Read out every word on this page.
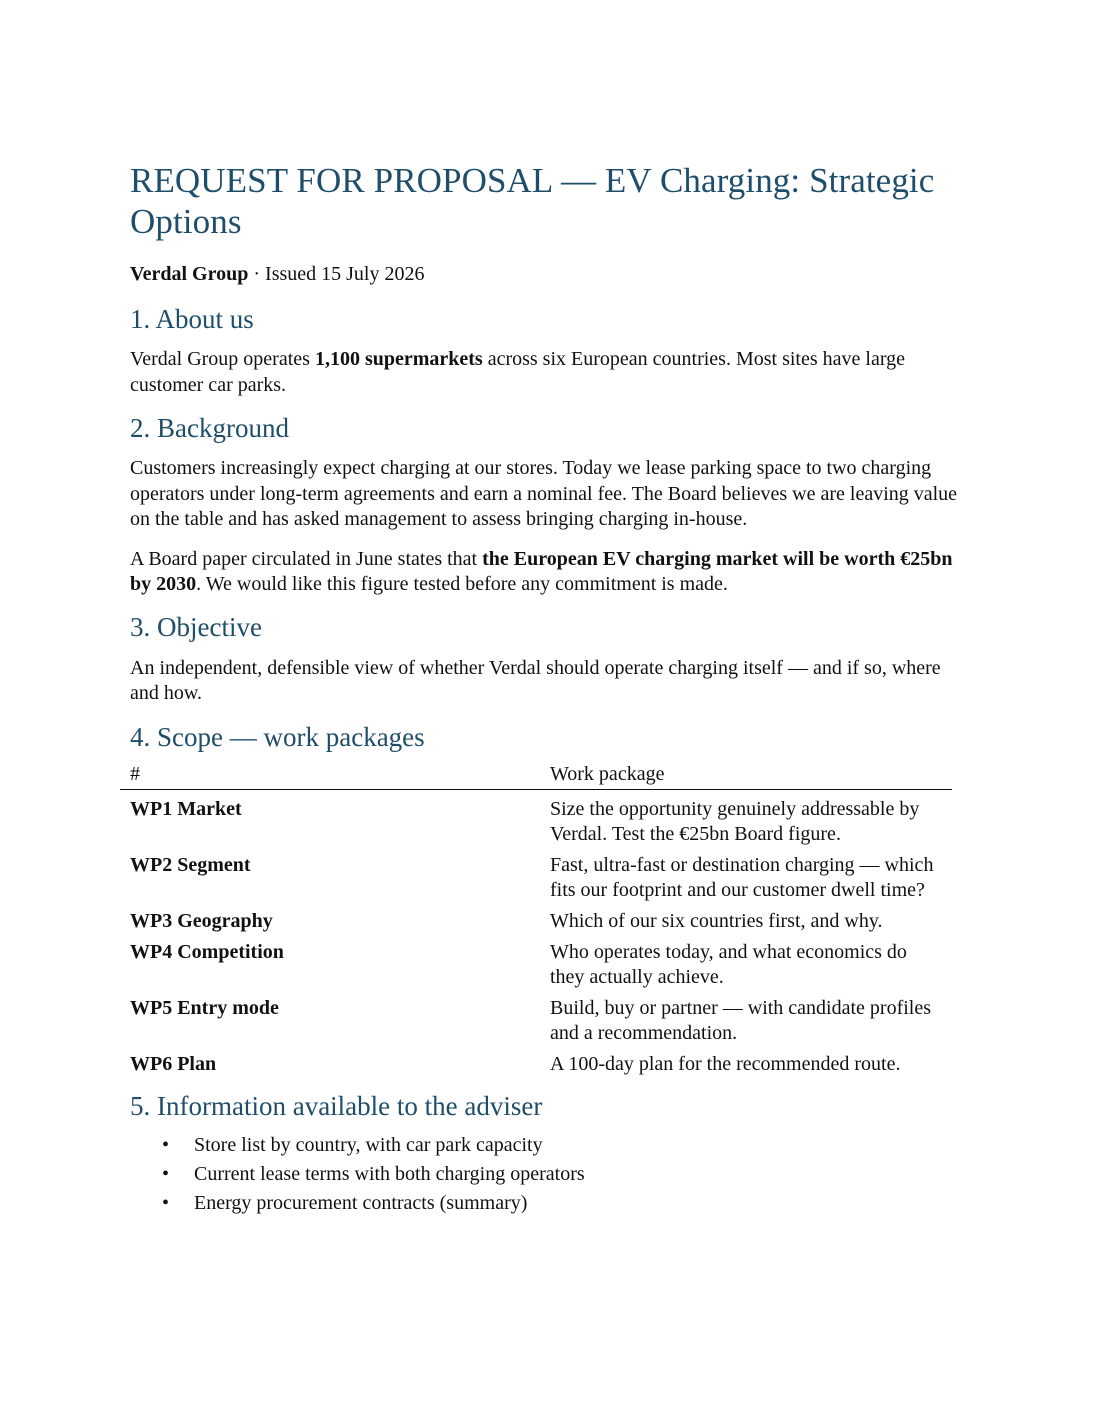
REQUEST FOR PROPOSAL — EV Charging: Strategic Options

Verdal Group · Issued 15 July 2026

1. About us

Verdal Group operates 1,100 supermarkets across six European countries. Most sites have large customer car parks.

2. Background

Customers increasingly expect charging at our stores. Today we lease parking space to two charging operators under long-term agreements and earn a nominal fee. The Board believes we are leaving value on the table and has asked management to assess bringing charging in-house.

A Board paper circulated in June states that the European EV charging market will be worth €25bn by 2030. We would like this figure tested before any commitment is made.

3. Objective

An independent, defensible view of whether Verdal should operate charging itself — and if so, where and how.

4. Scope — work packages
#	Work package
WP1 Market	Size the opportunity genuinely addressable by Verdal. Test the €25bn Board figure.
WP2 Segment	Fast, ultra-fast or destination charging — which fits our footprint and our customer dwell time?
WP3 Geography	Which of our six countries first, and why.
WP4 Competition	Who operates today, and what economics do they actually achieve.
WP5 Entry mode	Build, buy or partner — with candidate profiles and a recommendation.
WP6 Plan	A 100-day plan for the recommended route.
5. Information available to the adviser
• Store list by country, with car park capacity
• Current lease terms with both charging operators
• Energy procurement contracts (summary)
